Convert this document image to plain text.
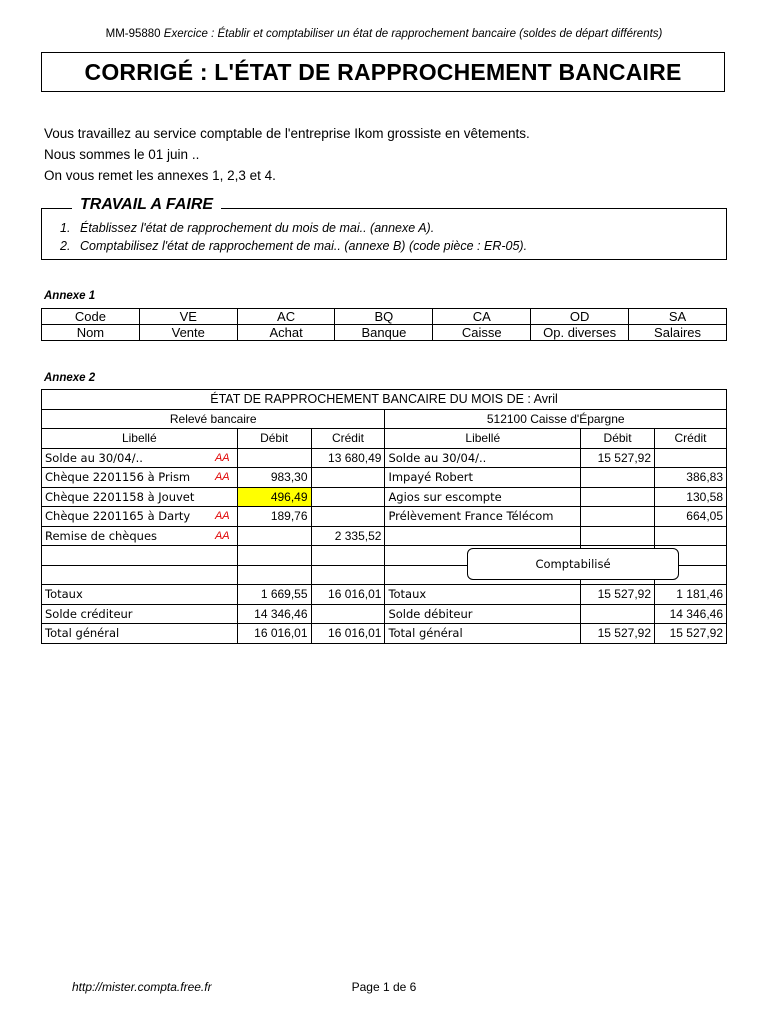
MM-95880 Exercice : Établir et comptabiliser un état de rapprochement bancaire (soldes de départ différents)
CORRIGÉ : L'ÉTAT DE RAPPROCHEMENT BANCAIRE
Vous travaillez au service comptable de l'entreprise Ikom grossiste en vêtements.
Nous sommes le 01 juin ..
On vous remet les annexes 1, 2,3 et 4.
1. Établissez l'état de rapprochement du mois de mai.. (annexe A).
2. Comptabilisez l'état de rapprochement de mai.. (annexe B) (code pièce : ER-05).
TRAVAIL A FAIRE
Annexe 1
Code	VE	AC	BQ	CA	OD	SA
Nom	Vente	Achat	Banque	Caisse	Op. diverses	Salaires
Annexe 2
ÉTAT DE RAPPROCHEMENT BANCAIRE DU MOIS DE : Avril					
Relevé bancaire			512100 Caisse d'Épargne		
Libellé	Débit	Crédit	Libellé	Débit	Crédit

AA
Solde au 30/04/..		13 680,49	Solde au 30/04/..	15 527,92	

AA
Chèque 2201156 à Prism	983,30		Impayé Robert		386,83
Chèque 2201158 à Jouvet	496,49		Agios sur escompte		130,58

AA
Chèque 2201165 à Darty	189,76		Prélèvement France Télécom		664,05

AA
Remise de chèques		2 335,52			

Totaux	1 669,55	16 016,01	Totaux	15 527,92	1 181,46
Solde créditeur	14 346,46		Solde débiteur		14 346,46
Total général	16 016,01	16 016,01	Total général	15 527,92	15 527,92
Comptabilisé
http://mister.compta.free.fr	Page 1 de 6
